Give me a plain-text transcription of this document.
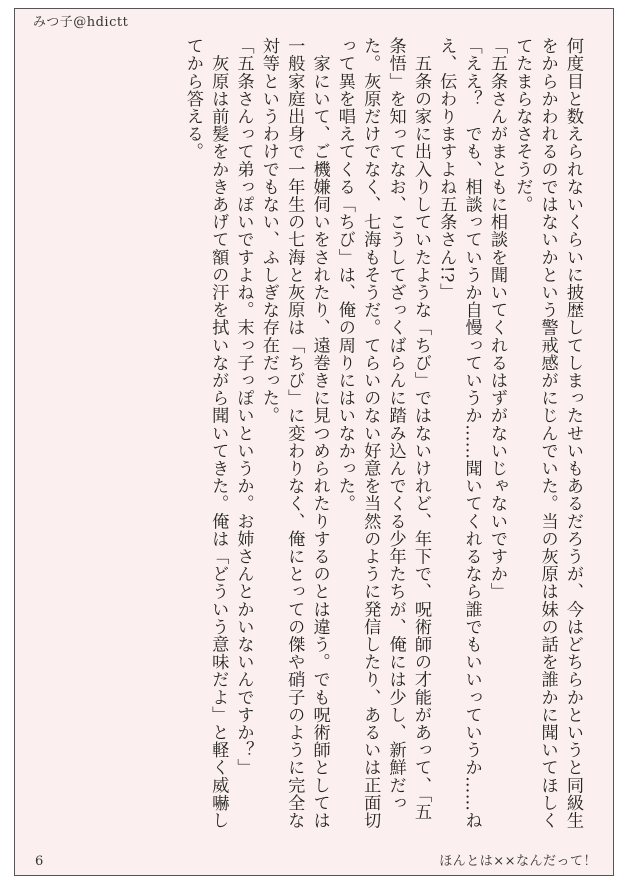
みつ子@hdictt

何度目と数えられないくらいに披歴してしまったせいもあるだろうが、今はどちらかというと同級生をからかわれるのではないかという警戒感がにじんでいた。当の灰原は妹の話を誰かに聞いてほしくてたまらなさそうだ。

「五条さんがまともに相談を聞いてくれるはずがないじゃないですか」

「ええ？　でも、相談っていうか自慢っていうか……聞いてくれるなら誰でもいいっていうか……ねえ、伝わりますよね五条さん!?」

　五条の家に出入りしていたような「ちび」ではないけれど、年下で、呪術師の才能があって、「五条悟」を知ってなお、こうしてざっくばらんに踏み込んでくる少年たちが、俺には少し、新鮮だった。灰原だけでなく、七海もそうだ。てらいのない好意を当然のように発信したり、あるいは正面切って異を唱えてくる「ちび」は、俺の周りにはいなかった。

　家にいて、ご機嫌伺いをされたり、遠巻きに見つめられたりするのとは違う。でも呪術師としては一般家庭出身で一年生の七海と灰原は「ちび」に変わりなく、俺にとっての傑や硝子のように完全な対等というわけでもない、ふしぎな存在だった。

「五条さんって弟っぽいですよね。末っ子っぽいというか。お姉さんとかいないんですか？」

　灰原は前髪をかきあげて額の汗を拭いながら聞いてきた。俺は「どういう意味だよ」と軽く威嚇してから答える。

6	ほんとは××なんだって！
